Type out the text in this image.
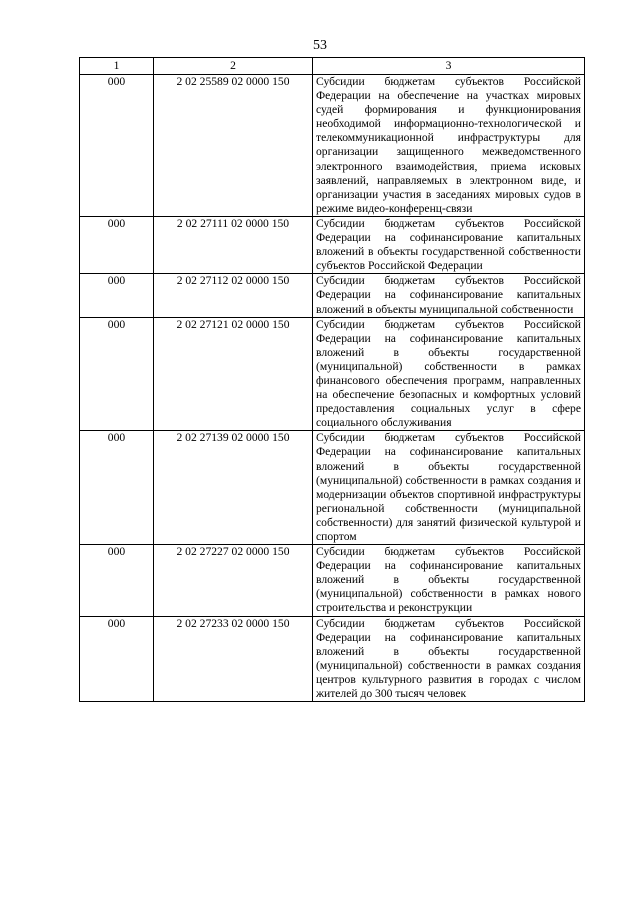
53
1	2	3
000	2 02 25589 02 0000 150	Субсидии бюджетам субъектов Российской Федерации на обеспечение на участках мировых судей формирования и функционирования необходимой информационно-технологической и телекоммуникационной инфраструктуры для организации защищенного межведомственного электронного взаимодействия, приема исковых заявлений, направляемых в электронном виде, и организации участия в заседаниях мировых судов в режиме видео-конференц-связи
000	2 02 27111 02 0000 150	Субсидии бюджетам субъектов Российской Федерации на софинансирование капитальных вложений в объекты государственной собственности субъектов Российской Федерации
000	2 02 27112 02 0000 150	Субсидии бюджетам субъектов Российской Федерации на софинансирование капитальных вложений в объекты муниципальной собственности
000	2 02 27121 02 0000 150	Субсидии бюджетам субъектов Российской Федерации на софинансирование капитальных вложений в объекты государственной (муниципальной) собственности в рамках финансового обеспечения программ, направленных на обеспечение безопасных и комфортных условий предоставления социальных услуг в сфере социального обслуживания
000	2 02 27139 02 0000 150	Субсидии бюджетам субъектов Российской Федерации на софинансирование капитальных вложений в объекты государственной (муниципальной) собственности в рамках создания и модернизации объектов спортивной инфраструктуры региональной собственности (муниципальной собственности) для занятий физической культурой и спортом
000	2 02 27227 02 0000 150	Субсидии бюджетам субъектов Российской Федерации на софинансирование капитальных вложений в объекты государственной (муниципальной) собственности в рамках нового строительства и реконструкции
000	2 02 27233 02 0000 150	Субсидии бюджетам субъектов Российской Федерации на софинансирование капитальных вложений в объекты государственной (муниципальной) собственности в рамках создания центров культурного развития в городах с числом жителей до 300 тысяч человек
